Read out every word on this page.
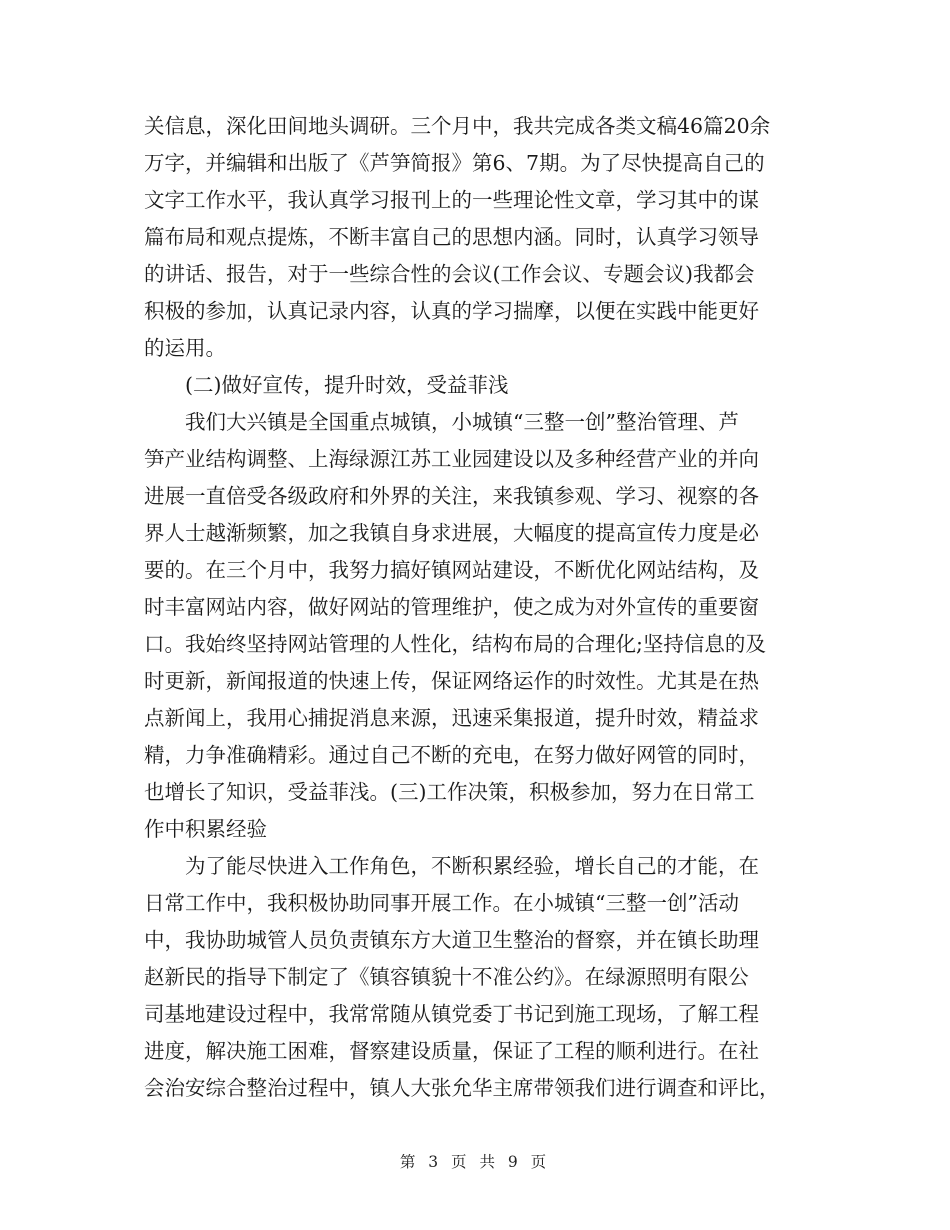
关信息，深化田间地头调研。三个月中，我共完成各类文稿46篇20余
万字，并编辑和出版了《芦笋简报》第6、7期。为了尽快提高自己的
文字工作水平，我认真学习报刊上的一些理论性文章，学习其中的谋
篇布局和观点提炼，不断丰富自己的思想内涵。同时，认真学习领导
的讲话、报告，对于一些综合性的会议(工作会议、专题会议)我都会
积极的参加，认真记录内容，认真的学习揣摩，以便在实践中能更好
的运用。
(二)做好宣传，提升时效，受益菲浅
我们大兴镇是全国重点城镇，小城镇“三整一创”整治管理、芦
笋产业结构调整、上海绿源江苏工业园建设以及多种经营产业的并向
进展一直倍受各级政府和外界的关注，来我镇参观、学习、视察的各
界人士越渐频繁，加之我镇自身求进展，大幅度的提高宣传力度是必
要的。在三个月中，我努力搞好镇网站建设，不断优化网站结构，及
时丰富网站内容，做好网站的管理维护，使之成为对外宣传的重要窗
口。我始终坚持网站管理的人性化，结构布局的合理化;坚持信息的及
时更新，新闻报道的快速上传，保证网络运作的时效性。尤其是在热
点新闻上，我用心捕捉消息来源，迅速采集报道，提升时效，精益求
精，力争准确精彩。通过自己不断的充电，在努力做好网管的同时，
也增长了知识，受益菲浅。(三)工作决策，积极参加，努力在日常工
作中积累经验
为了能尽快进入工作角色，不断积累经验，增长自己的才能，在
日常工作中，我积极协助同事开展工作。在小城镇“三整一创”活动
中，我协助城管人员负责镇东方大道卫生整治的督察，并在镇长助理
赵新民的指导下制定了《镇容镇貌十不准公约》。在绿源照明有限公
司基地建设过程中，我常常随从镇党委丁书记到施工现场，了解工程
进度，解决施工困难，督察建设质量，保证了工程的顺利进行。在社
会治安综合整治过程中，镇人大张允华主席带领我们进行调查和评比，
第 3 页 共 9 页
